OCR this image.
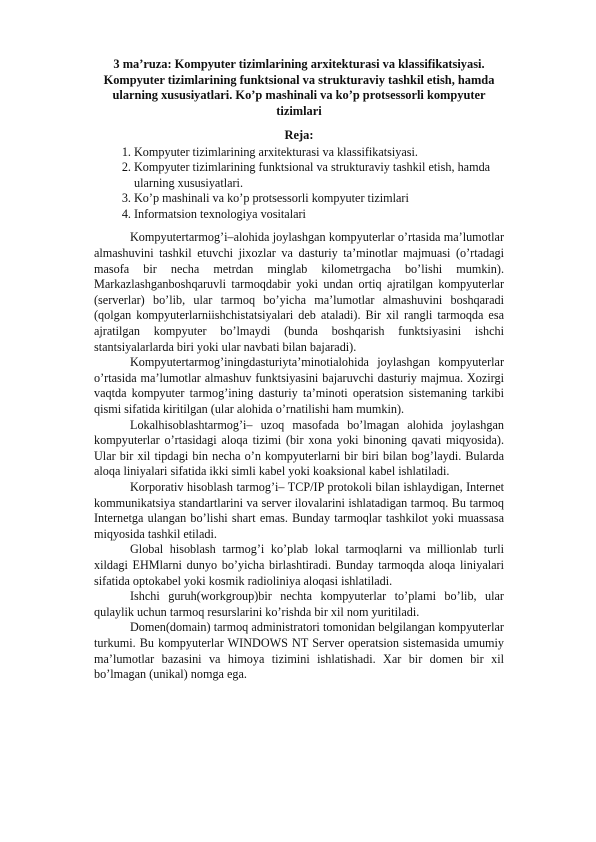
3 ma’ruza: Kompyuter tizimlarining arxitekturasi va klassifikatsiyasi. Kompyuter tizimlarining funktsional va strukturaviy tashkil etish, hamda ularning xususiyatlari. Ko’p mashinali va ko’p protsessorli kompyuter tizimlari
Reja:
1. Kompyuter tizimlarining arxitekturasi va klassifikatsiyasi.
2. Kompyuter tizimlarining funktsional va strukturaviy tashkil etish, hamda ularning xususiyatlari.
3. Ko’p mashinali va ko’p protsessorli kompyuter tizimlari
4. Informatsion texnologiya vositalari

Kompyutertarmog’i–alohida joylashgan kompyuterlar o’rtasida ma’lumotlar almashuvini tashkil etuvchi jixozlar va dasturiy ta’minotlar majmuasi (o’rtadagi masofa bir necha metrdan minglab kilometrgacha bo’lishi mumkin). Markazlashganboshqaruvli tarmoqdabir yoki undan ortiq ajratilgan kompyuterlar (serverlar) bo’lib, ular tarmoq bo’yicha ma’lumotlar almashuvini boshqaradi (qolgan kompyuterlarniishchistatsiyalari deb ataladi). Bir xil rangli tarmoqda esa ajratilgan kompyuter bo’lmaydi (bunda boshqarish funktsiyasini ishchi stantsiyalarlarda biri yoki ular navbati bilan bajaradi).

Kompyutertarmog’iningdasturiyta’minotialohida joylashgan kompyuterlar o’rtasida ma’lumotlar almashuv funktsiyasini bajaruvchi dasturiy majmua. Xozirgi vaqtda kompyuter tarmog’ining dasturiy ta’minoti operatsion sistemaning tarkibi qismi sifatida kiritilgan (ular alohida o’rnatilishi ham mumkin).

Lokalhisoblashtarmog’i– uzoq masofada bo’lmagan alohida joylashgan kompyuterlar o’rtasidagi aloqa tizimi (bir xona yoki binoning qavati miqyosida). Ular bir xil tipdagi bin necha o’n kompyuterlarni bir biri bilan bog’laydi. Bularda aloqa liniyalari sifatida ikki simli kabel yoki koaksional kabel ishlatiladi.

Korporativ hisoblash tarmog’i– TCP/IP protokoli bilan ishlaydigan, Internet kommunikatsiya standartlarini va server ilovalarini ishlatadigan tarmoq. Bu tarmoq Internetga ulangan bo’lishi shart emas. Bunday tarmoqlar tashkilot yoki muassasa miqyosida tashkil etiladi.

Global hisoblash tarmog’i ko’plab lokal tarmoqlarni va millionlab turli xildagi EHMlarni dunyo bo’yicha birlashtiradi. Bunday tarmoqda aloqa liniyalari sifatida optokabel yoki kosmik radioliniya aloqasi ishlatiladi.

Ishchi guruh(workgroup)bir nechta kompyuterlar to’plami bo’lib, ular qulaylik uchun tarmoq resurslarini ko’rishda bir xil nom yuritiladi.

Domen(domain) tarmoq administratori tomonidan belgilangan kompyuterlar turkumi. Bu kompyuterlar WINDOWS NT Server operatsion sistemasida umumiy ma’lumotlar bazasini va himoya tizimini ishlatishadi. Xar bir domen bir xil bo’lmagan (unikal) nomga ega.
